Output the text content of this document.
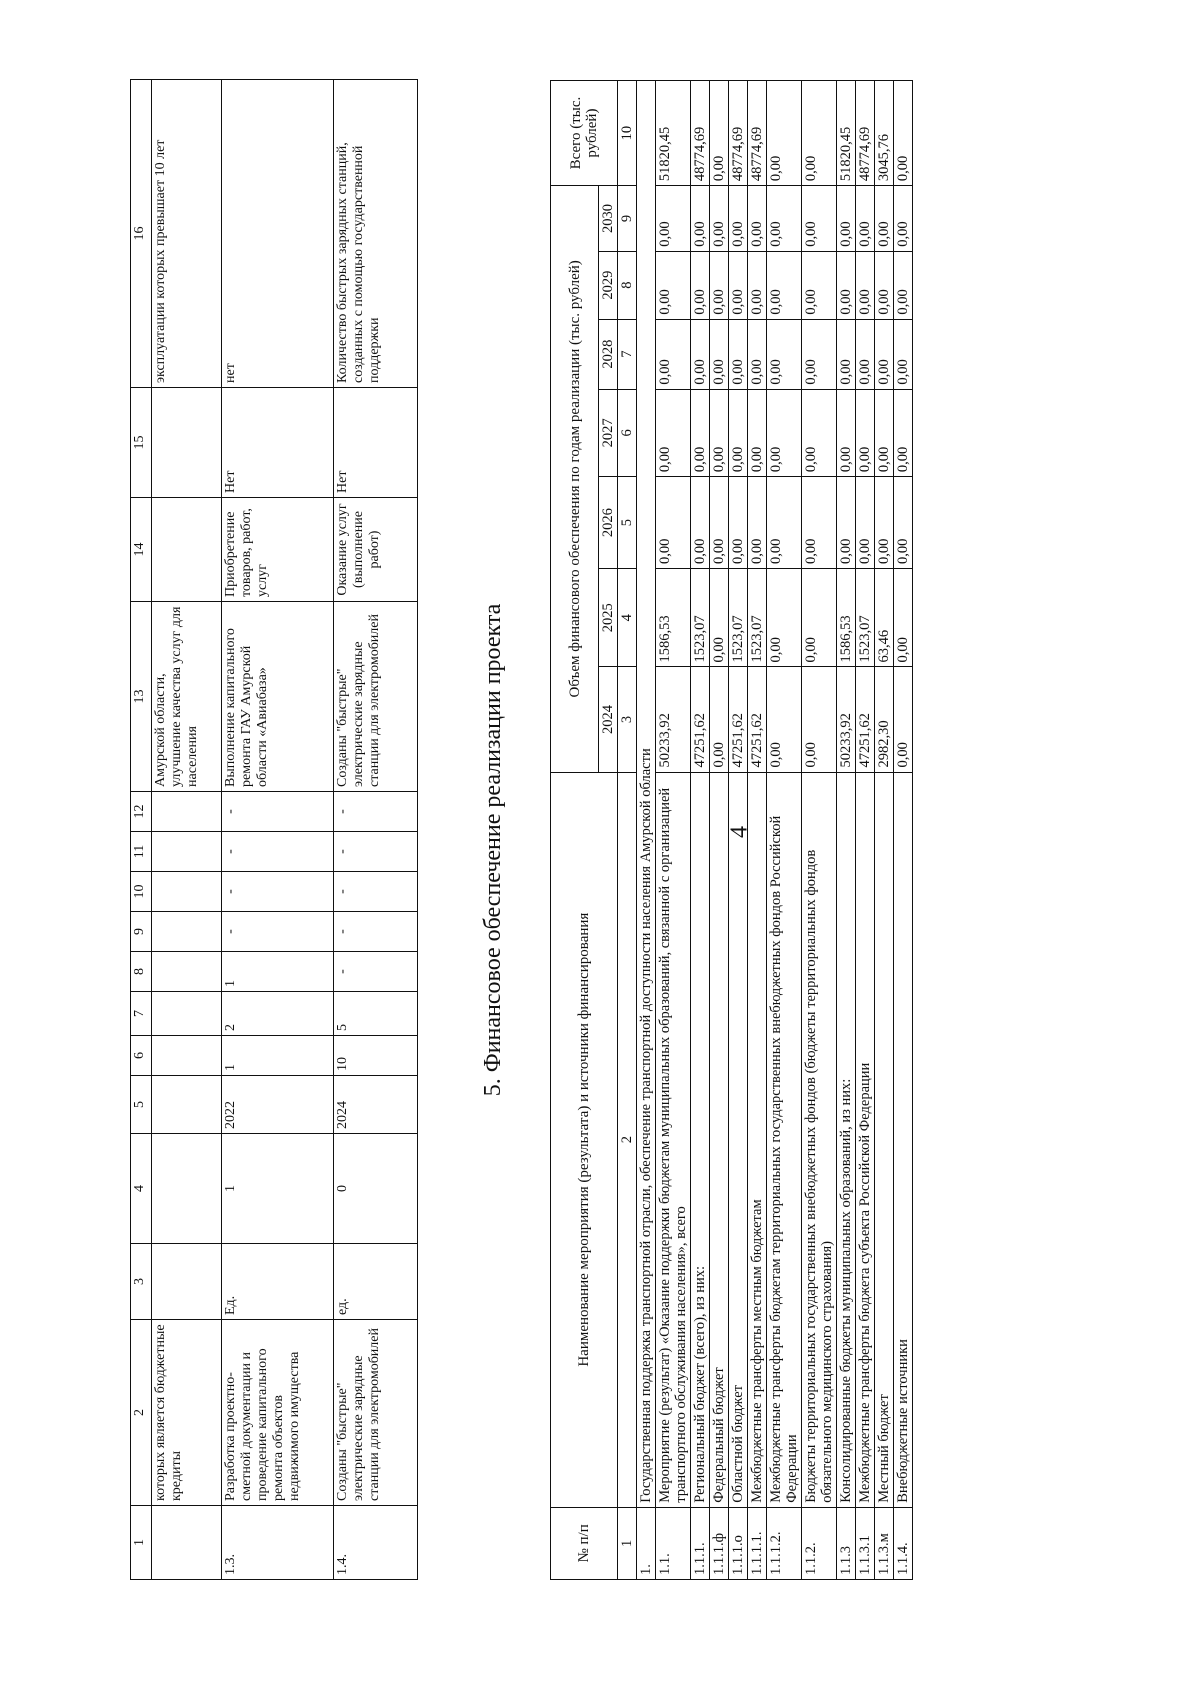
4
1	2	3	4	5	6	7	8	9	10	11	12	13	14	15	16
	которых является бюджетные кредиты											Амурской области, улучшение качества услуг для населения			эксплуатации которых превышает 10 лет
1.3.	Разработка проектно-сметной документации и проведение капитального ремонта объектов недвижимого имущества	Ед.	1	2022	1	2	1	-	-	-	-	Выполнение капитального ремонта ГАУ Амурской области «Авиабаза»	Приобретение товаров, работ, услуг	Нет	нет
1.4.	Созданы "быстрые" электрические зарядные станции для электромобилей	ед.	0	2024	10	5	-	-	-	-	-	Созданы "быстрые" электрические зарядные станции для электромобилей	Оказание услуг (выполнение работ)	Нет	Количество быстрых зарядных станций, созданных с помощью государственной поддержки
5. Финансовое обеспечение реализации проекта
№ п/п	Наименование мероприятия (результата) и источники финансирования	Объем финансового обеспечения по годам реализации (тыс. рублей)							Всего (тыс. рублей)
		2024	2025	2026	2027	2028	2029	2030	
1	2	3	4	5	6	7	8	9	10
1.	Государственная поддержка транспортной отрасли, обеспечение транспортной доступности населения Амурской области								
1.1.	Мероприятие (результат) «Оказание поддержки бюджетам муниципальных образований, связанной с организацией транспортного обслуживания населения», всего	50233,92	1586,53	0,00	0,00	0,00	0,00	0,00	51820,45
1.1.1.	Региональный бюджет (всего), из них:	47251,62	1523,07	0,00	0,00	0,00	0,00	0,00	48774,69
1.1.1.ф	Федеральный бюджет	0,00	0,00	0,00	0,00	0,00	0,00	0,00	0,00
1.1.1.о	Областной бюджет	47251,62	1523,07	0,00	0,00	0,00	0,00	0,00	48774,69
1.1.1.1.	Межбюджетные трансферты местным бюджетам	47251,62	1523,07	0,00	0,00	0,00	0,00	0,00	48774,69
1.1.1.2.	Межбюджетные трансферты бюджетам территориальных государственных внебюджетных фондов Российской Федерации	0,00	0,00	0,00	0,00	0,00	0,00	0,00	0,00
1.1.2.	Бюджеты территориальных государственных внебюджетных фондов (бюджеты территориальных фондов обязательного медицинского страхования)	0,00	0,00	0,00	0,00	0,00	0,00	0,00	0,00
1.1.3	Консолидированные бюджеты муниципальных образований, из них:	50233,92	1586,53	0,00	0,00	0,00	0,00	0,00	51820,45
1.1.3.1	Межбюджетные трансферты бюджета субъекта Российской Федерации	47251,62	1523,07	0,00	0,00	0,00	0,00	0,00	48774,69
1.1.3.м	Местный бюджет	2982,30	63,46	0,00	0,00	0,00	0,00	0,00	3045,76
1.1.4.	Внебюджетные источники	0,00	0,00	0,00	0,00	0,00	0,00	0,00	0,00
